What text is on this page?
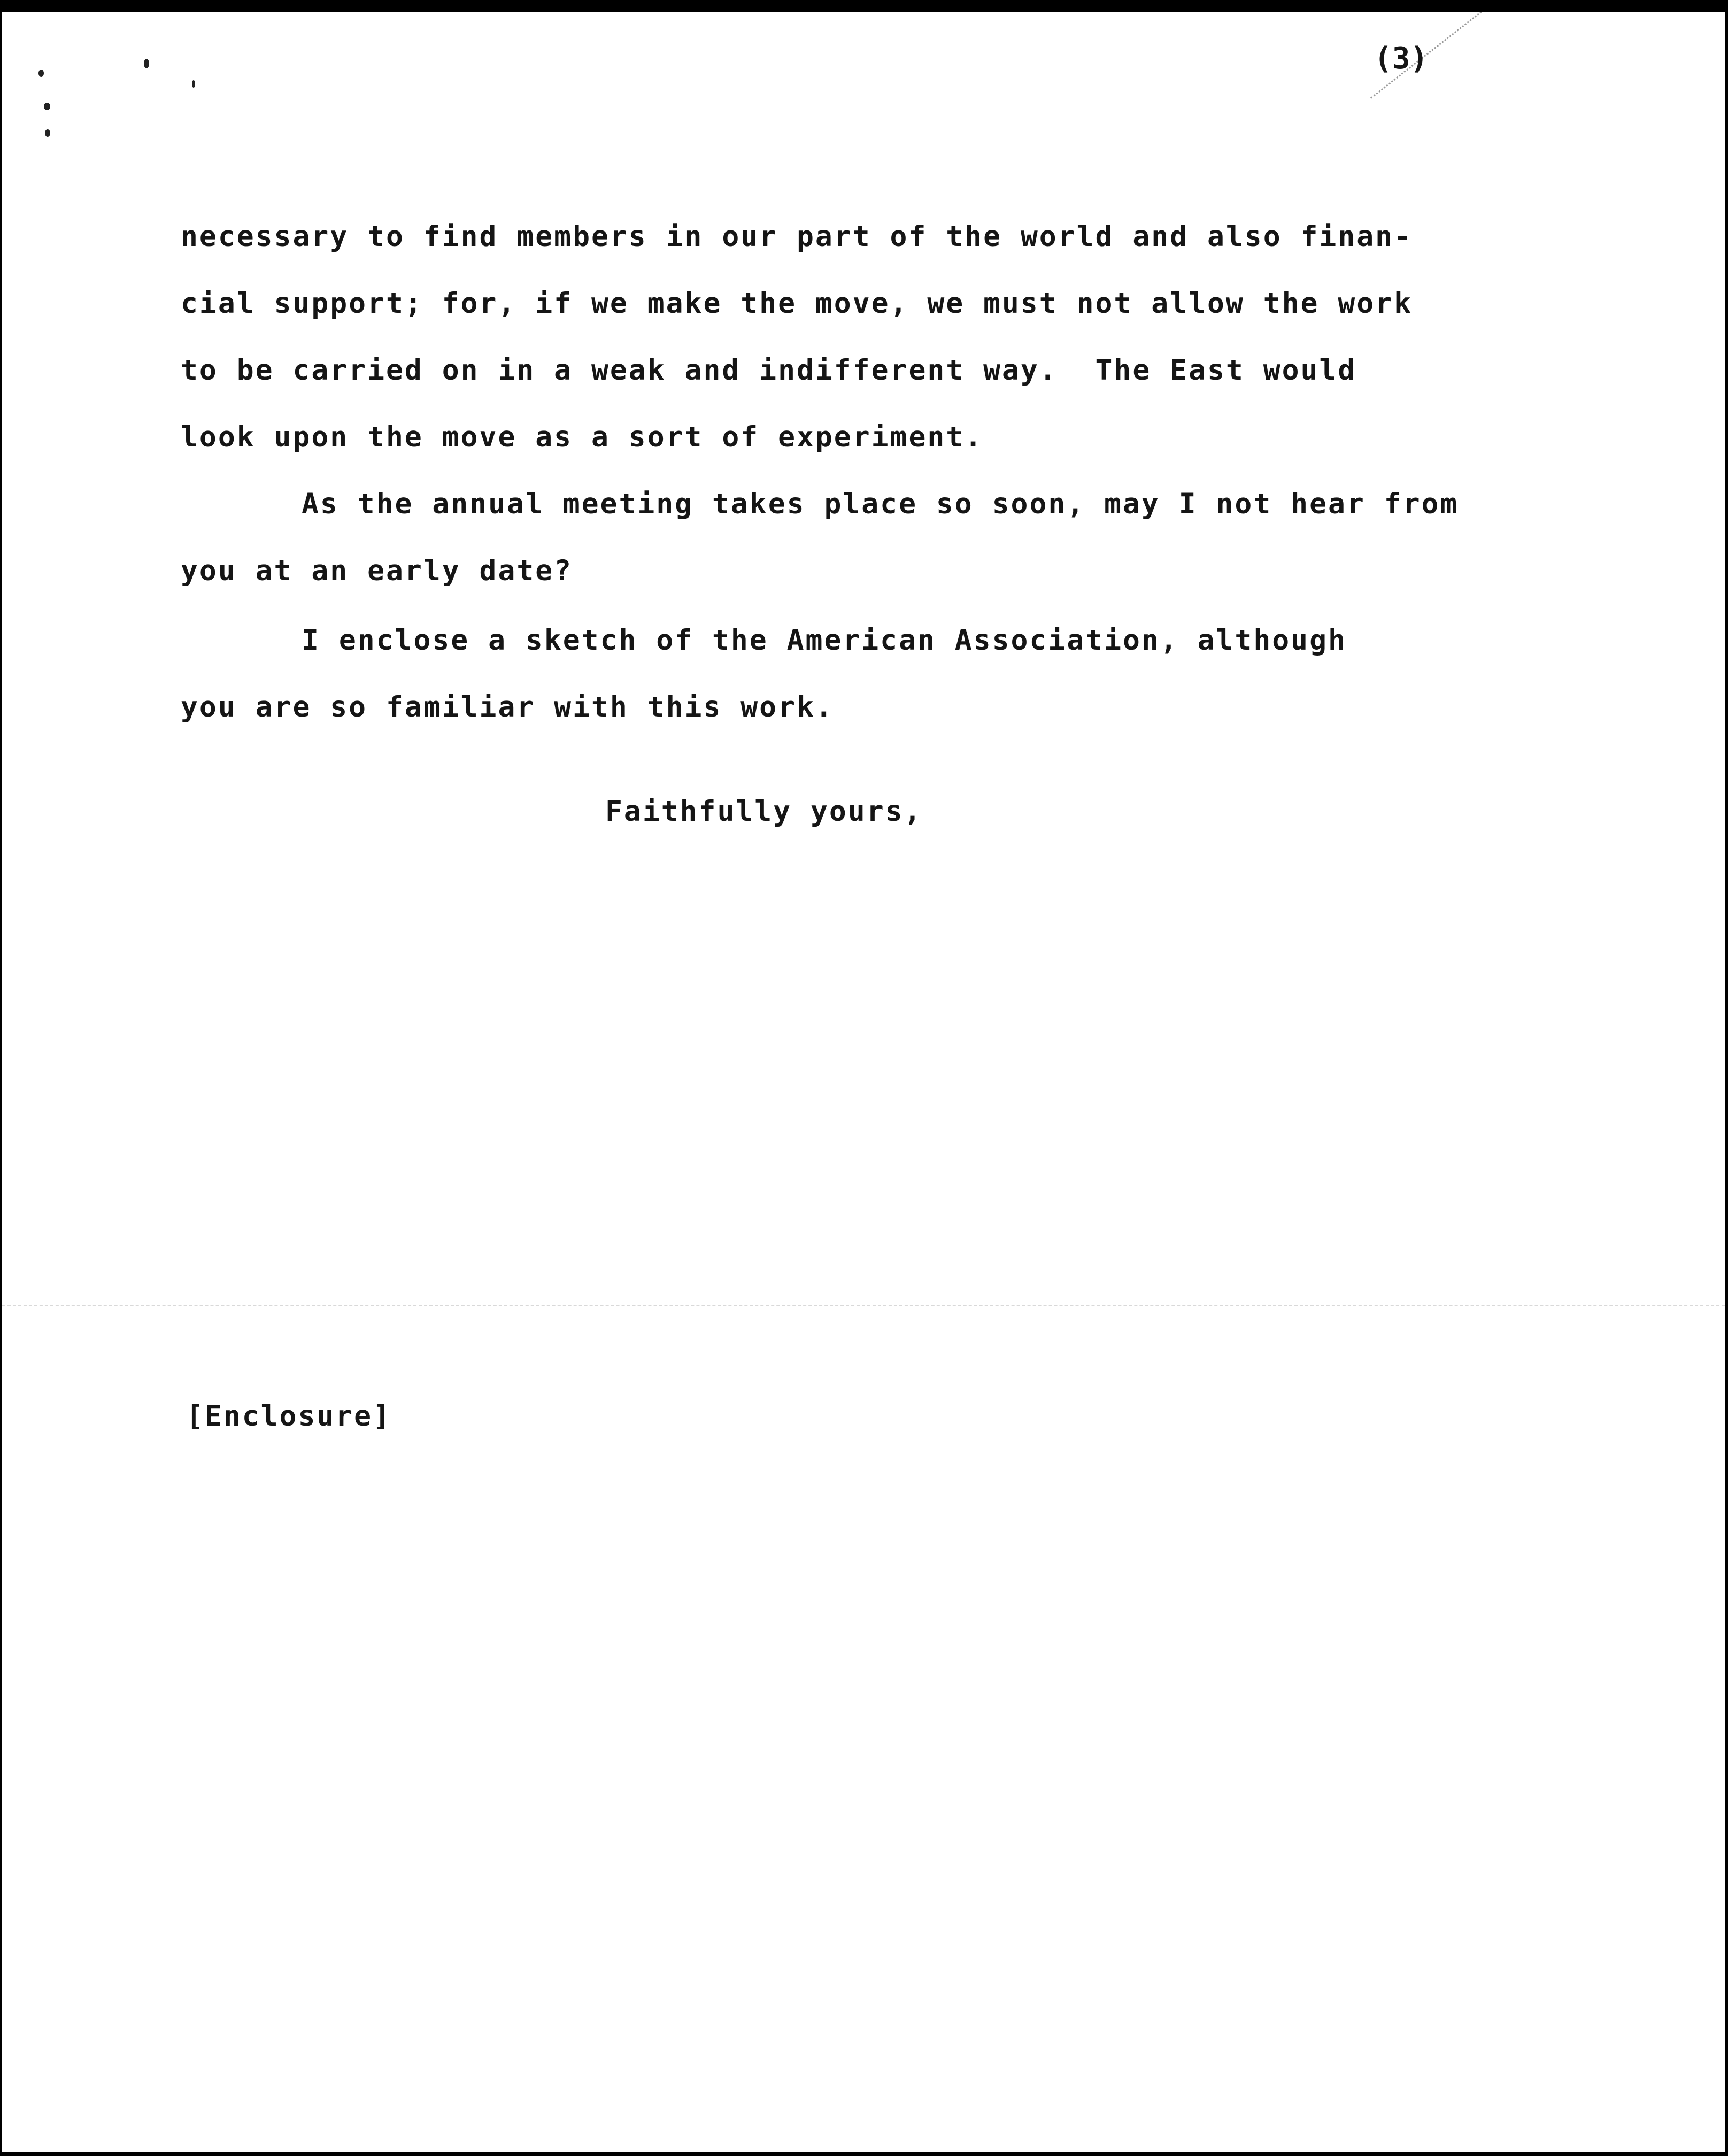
(3)
necessary to find members in our part of the world and also finan-
cial support; for, if we make the move, we must not allow the work
to be carried on in a weak and indifferent way.  The East would
look upon the move as a sort of experiment.
As the annual meeting takes place so soon, may I not hear from
you at an early date?
I enclose a sketch of the American Association, although
you are so familiar with this work.
Faithfully yours,
[Enclosure]
